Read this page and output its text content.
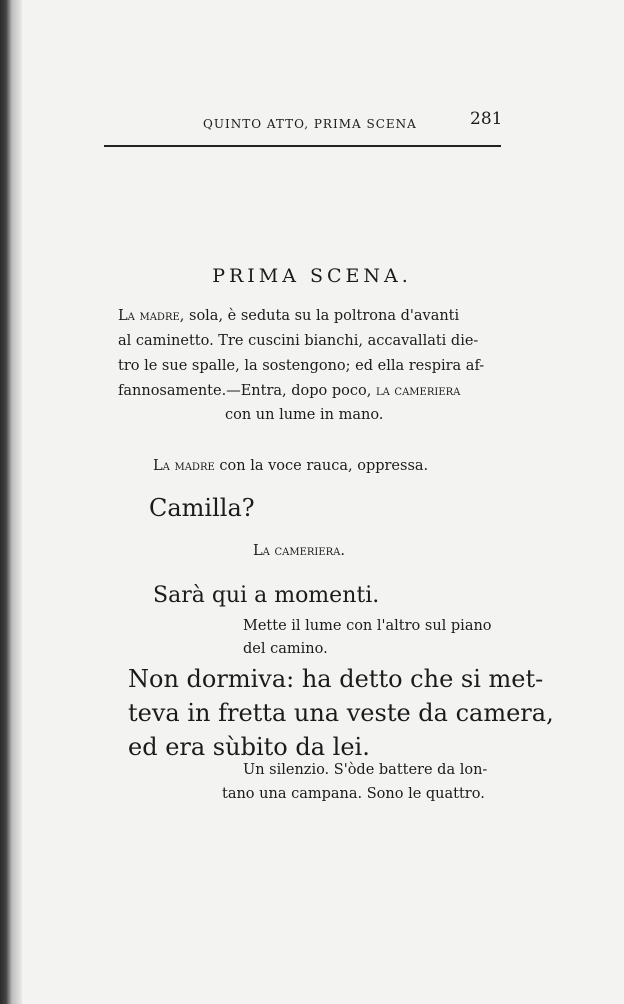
QUINTO ATTO, PRIMA SCENA	281
PRIMA SCENA.
La madre, sola, è seduta su la poltrona d'avanti
al caminetto. Tre cuscini bianchi, accavallati die-
tro le sue spalle, la sostengono; ed ella respira af-
fannosamente.—Entra, dopo poco, la cameriera
con un lume in mano.
La madre con la voce rauca, oppressa.
Camilla?
La cameriera.
Sarà qui a momenti.
Mette il lume con l'altro sul piano
del camino.
Non dormiva: ha detto che si met-
teva in fretta una veste da camera,
ed era sùbito da lei.
Un silenzio. S'òde battere da lon-
tano una campana. Sono le quattro.
